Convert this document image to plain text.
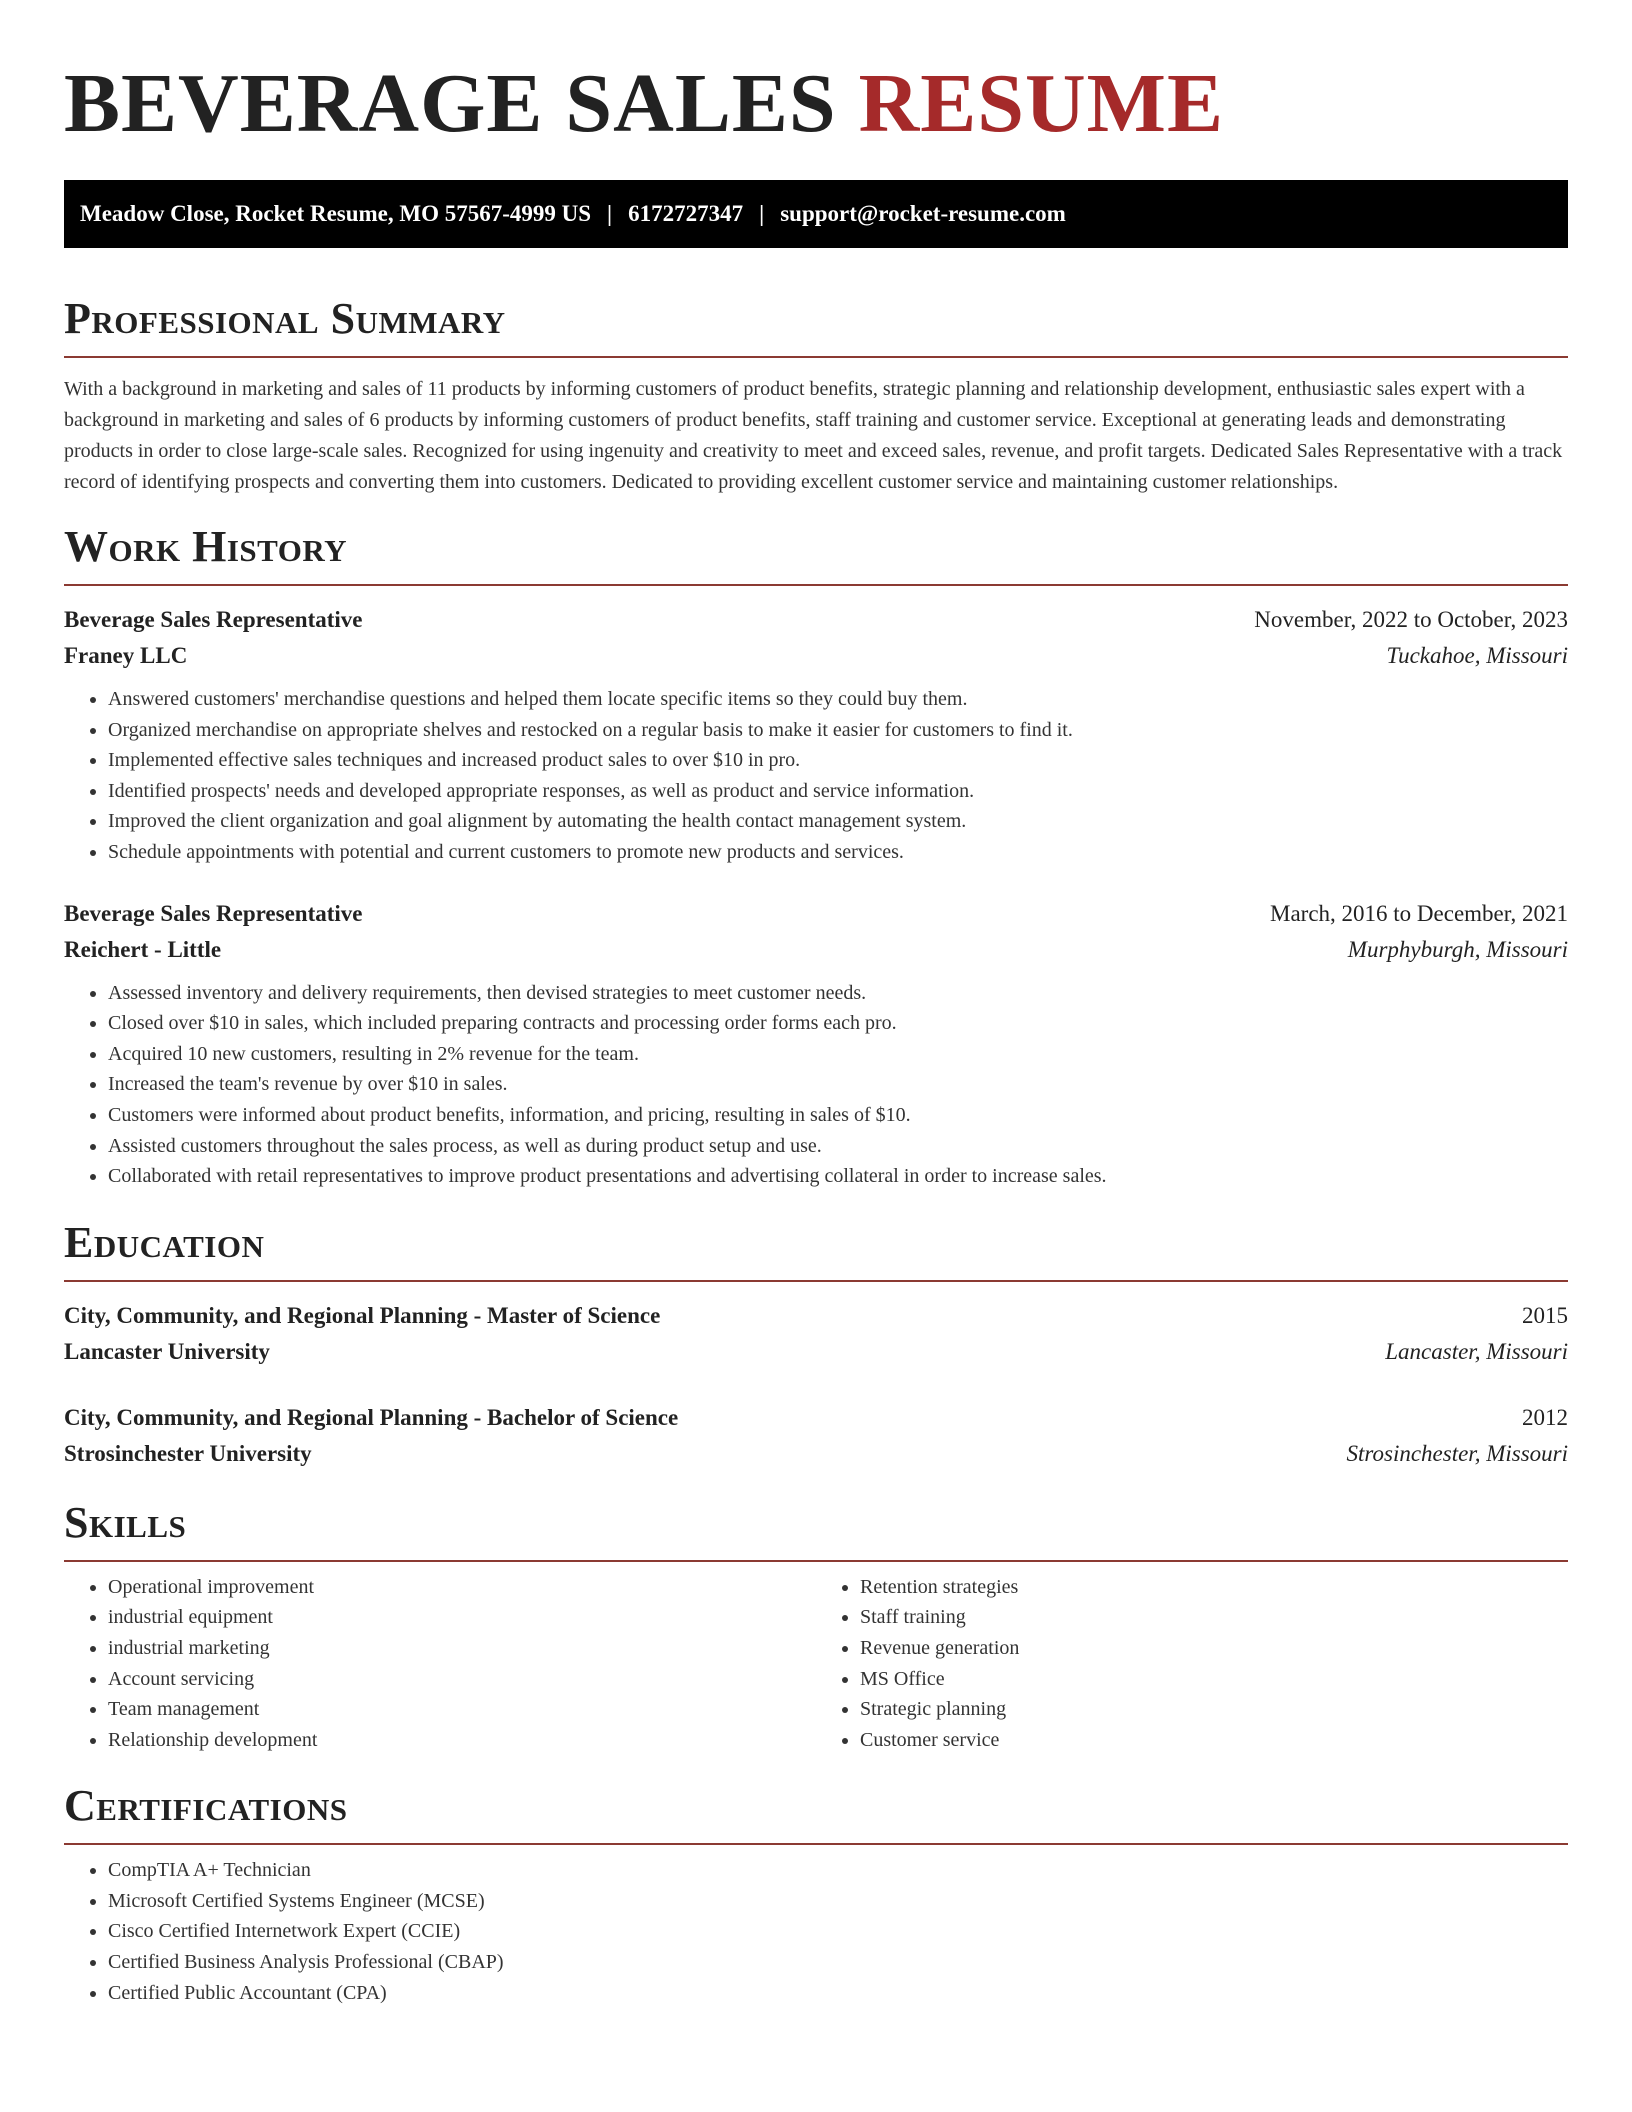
BEVERAGE SALES RESUME
Meadow Close, Rocket Resume, MO 57567-4999 US | 6172727347 | support@rocket-resume.com
Professional Summary

With a background in marketing and sales of 11 products by informing customers of product benefits, strategic planning and relationship development, enthusiastic sales expert with a background in marketing and sales of 6 products by informing customers of product benefits, staff training and customer service. Exceptional at generating leads and demonstrating products in order to close large-scale sales. Recognized for using ingenuity and creativity to meet and exceed sales, revenue, and profit targets. Dedicated Sales Representative with a track record of identifying prospects and converting them into customers. Dedicated to providing excellent customer service and maintaining customer relationships.

Work History
Beverage Sales Representative	November, 2022 to October, 2023
Franey LLC	Tuckahoe, Missouri
• Answered customers' merchandise questions and helped them locate specific items so they could buy them.
• Organized merchandise on appropriate shelves and restocked on a regular basis to make it easier for customers to find it.
• Implemented effective sales techniques and increased product sales to over $10 in pro.
• Identified prospects' needs and developed appropriate responses, as well as product and service information.
• Improved the client organization and goal alignment by automating the health contact management system.
• Schedule appointments with potential and current customers to promote new products and services.
Beverage Sales Representative	March, 2016 to December, 2021
Reichert - Little	Murphyburgh, Missouri
• Assessed inventory and delivery requirements, then devised strategies to meet customer needs.
• Closed over $10 in sales, which included preparing contracts and processing order forms each pro.
• Acquired 10 new customers, resulting in 2% revenue for the team.
• Increased the team's revenue by over $10 in sales.
• Customers were informed about product benefits, information, and pricing, resulting in sales of $10.
• Assisted customers throughout the sales process, as well as during product setup and use.
• Collaborated with retail representatives to improve product presentations and advertising collateral in order to increase sales.
Education
City, Community, and Regional Planning - Master of Science	2015
Lancaster University	Lancaster, Missouri
City, Community, and Regional Planning - Bachelor of Science	2012
Strosinchester University	Strosinchester, Missouri
Skills
• Operational improvement
• industrial equipment
• industrial marketing
• Account servicing
• Team management
• Relationship development
• Retention strategies
• Staff training
• Revenue generation
• MS Office
• Strategic planning
• Customer service
Certifications
• CompTIA A+ Technician
• Microsoft Certified Systems Engineer (MCSE)
• Cisco Certified Internetwork Expert (CCIE)
• Certified Business Analysis Professional (CBAP)
• Certified Public Accountant (CPA)
